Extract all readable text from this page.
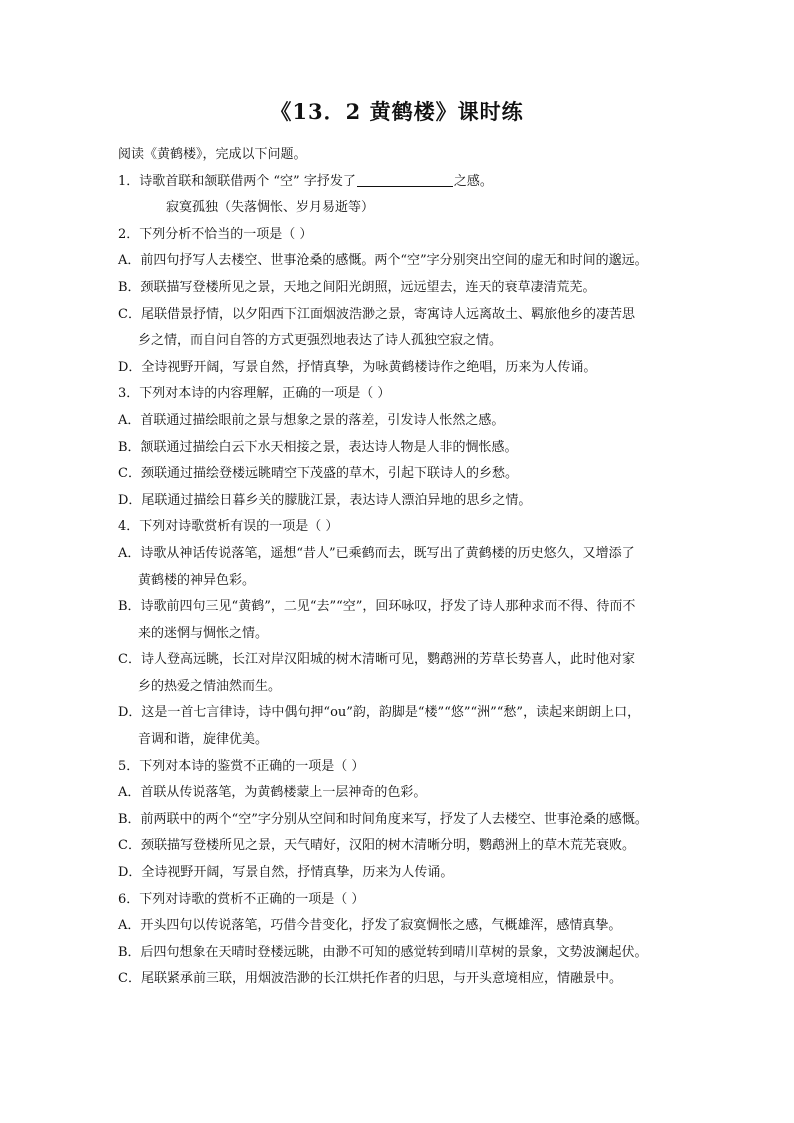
《13．2 黄鹤楼》课时练
阅读《黄鹤楼》，完成以下问题。
1．诗歌首联和颔联借两个 “空” 字抒发了	之感。
寂寞孤独（失落惆怅、岁月易逝等）
2．下列分析不恰当的一项是（ ）
A．前四句抒写人去楼空、世事沧桑的感慨。两个“空”字分别突出空间的虚无和时间的邈远。
B．颈联描写登楼所见之景，天地之间阳光朗照，远远望去，连天的衰草凄清荒芜。
C．尾联借景抒情，以夕阳西下江面烟波浩渺之景，寄寓诗人远离故土、羁旅他乡的凄苦思
乡之情，而自问自答的方式更强烈地表达了诗人孤独空寂之情。
D．全诗视野开阔，写景自然，抒情真挚，为咏黄鹤楼诗作之绝唱，历来为人传诵。
3．下列对本诗的内容理解，正确的一项是（ ）
A．首联通过描绘眼前之景与想象之景的落差，引发诗人怅然之感。
B．颔联通过描绘白云下水天相接之景，表达诗人物是人非的惆怅感。
C．颈联通过描绘登楼远眺晴空下茂盛的草木，引起下联诗人的乡愁。
D．尾联通过描绘日暮乡关的朦胧江景，表达诗人漂泊异地的思乡之情。
4．下列对诗歌赏析有误的一项是（ ）
A．诗歌从神话传说落笔，遥想“昔人”已乘鹤而去，既写出了黄鹤楼的历史悠久，又增添了
黄鹤楼的神异色彩。
B．诗歌前四句三见“黄鹤”，二见“去”“空”，回环咏叹，抒发了诗人那种求而不得、待而不
来的迷惘与惆怅之情。
C．诗人登高远眺，长江对岸汉阳城的树木清晰可见，鹦鹉洲的芳草长势喜人，此时他对家
乡的热爱之情油然而生。
D．这是一首七言律诗，诗中偶句押“ou”韵，韵脚是“楼”“悠”“洲”“愁”，读起来朗朗上口，
音调和谐，旋律优美。
5．下列对本诗的鉴赏不正确的一项是（ ）
A．首联从传说落笔，为黄鹤楼蒙上一层神奇的色彩。
B．前两联中的两个“空”字分别从空间和时间角度来写，抒发了人去楼空、世事沧桑的感慨。
C．颈联描写登楼所见之景，天气晴好，汉阳的树木清晰分明，鹦鹉洲上的草木荒芜衰败。
D．全诗视野开阔，写景自然，抒情真挚，历来为人传诵。
6．下列对诗歌的赏析不正确的一项是（ ）
A．开头四句以传说落笔，巧借今昔变化，抒发了寂寞惆怅之感，气概雄浑，感情真挚。
B．后四句想象在天晴时登楼远眺，由渺不可知的感觉转到晴川草树的景象，文势波澜起伏。
C．尾联紧承前三联，用烟波浩渺的长江烘托作者的归思，与开头意境相应，情融景中。
